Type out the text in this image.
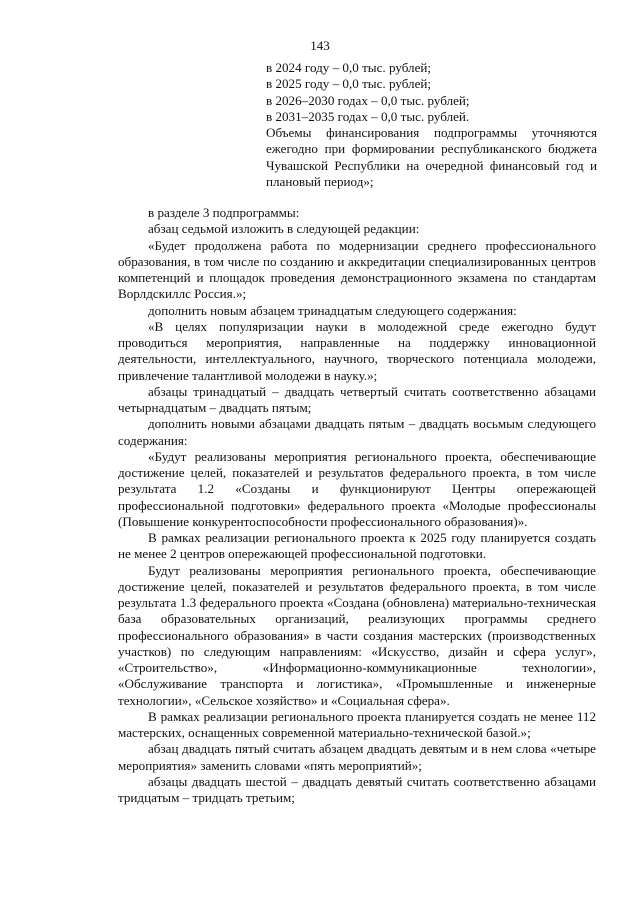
143

в 2024 году – 0,0 тыс. рублей;

в 2025 году – 0,0 тыс. рублей;

в 2026–2030 годах – 0,0 тыс. рублей;

в 2031–2035 годах – 0,0 тыс. рублей.

Объемы финансирования подпрограммы уточняются ежегодно при формировании республиканского бюджета Чувашской Республики на очередной финансовый год и плановый период»;

в разделе 3 подпрограммы:

абзац седьмой изложить в следующей редакции:

«Будет продолжена работа по модернизации среднего профессионального образования, в том числе по созданию и аккредитации специализированных центров компетенций и площадок проведения демонстрационного экзамена по стандартам Ворлдскиллс Россия.»;

дополнить новым абзацем тринадцатым следующего содержания:

«В целях популяризации науки в молодежной среде ежегодно будут проводиться мероприятия, направленные на поддержку инновационной деятельности, интеллектуального, научного, творческого потенциала молодежи, привлечение талантливой молодежи в науку.»;

абзацы тринадцатый – двадцать четвертый считать соответственно абзацами четырнадцатым – двадцать пятым;

дополнить новыми абзацами двадцать пятым – двадцать восьмым следующего содержания:

«Будут реализованы мероприятия регионального проекта, обеспечивающие достижение целей, показателей и результатов федерального проекта, в том числе результата 1.2 «Созданы и функционируют Центры опережающей профессиональной подготовки» федерального проекта «Молодые профессионалы (Повышение конкурентоспособности профессионального образования)».

В рамках реализации регионального проекта к 2025 году планируется создать не менее 2 центров опережающей профессиональной подготовки.

Будут реализованы мероприятия регионального проекта, обеспечивающие достижение целей, показателей и результатов федерального проекта, в том числе результата 1.3 федерального проекта «Создана (обновлена) материально-техническая база образовательных организаций, реализующих программы среднего профессионального образования» в части создания мастерских (производственных участков) по следующим направлениям: «Искусство, дизайн и сфера услуг», «Строительство», «Информационно-коммуникационные технологии», «Обслуживание транспорта и логистика», «Промышленные и инженерные технологии», «Сельское хозяйство» и «Социальная сфера».

В рамках реализации регионального проекта планируется создать не менее 112 мастерских, оснащенных современной материально-технической базой.»;

абзац двадцать пятый считать абзацем двадцать девятым и в нем слова «четыре мероприятия» заменить словами «пять мероприятий»;

абзацы двадцать шестой – двадцать девятый считать соответственно абзацами тридцатым – тридцать третьим;
